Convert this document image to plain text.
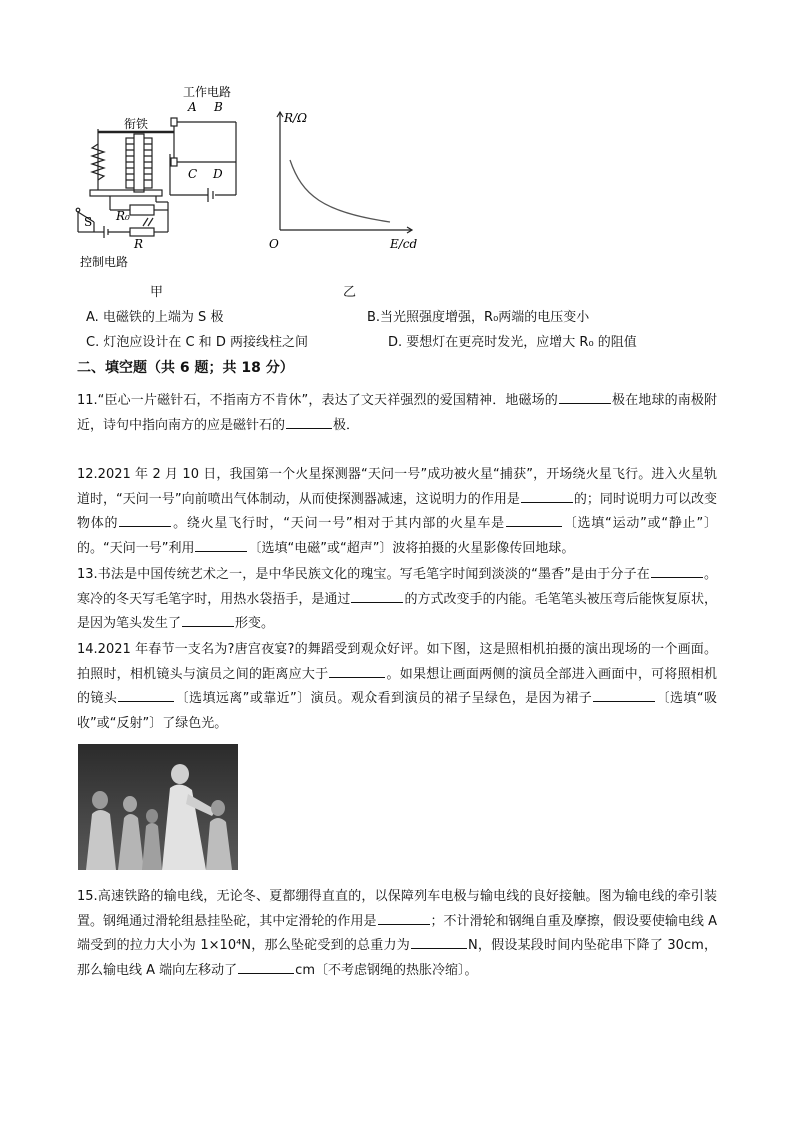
工作电路
A B
C D
衔铁
S R₀
R
控制电路
甲
R/Ω
E/cd
O
乙
A. 电磁铁的上端为 S 极	B.当光照强度增强，R₀两端的电压变小
C. 灯泡应设计在 C 和 D 两接线柱之间	D. 要想灯在更亮时发光，应增大 R₀ 的阻值
二、填空题（共 6 题；共 18 分）
11.“臣心一片磁针石，不指南方不肯休”，表达了文天祥强烈的爱国精神．地磁场的	极在地球的南极附近，诗句中指向南方的应是磁针石的	极．
12.2021 年 2 月 10 日，我国第一个火星探测器“天问一号”成功被火星“捕获”，开场绕火星飞行。进入火星轨道时，“天问一号”向前喷出气体制动，从而使探测器减速，这说明力的作用是	的；同时说明力可以改变物体的	。绕火星飞行时，“天问一号”相对于其内部的火星车是	〔选填“运动”或“静止”〕的。“天问一号”利用	〔选填“电磁”或“超声”〕波将拍摄的火星影像传回地球。
13.书法是中国传统艺术之一，是中华民族文化的瑰宝。写毛笔字时闻到淡淡的“墨香”是由于分子在	。寒冷的冬天写毛笔字时，用热水袋捂手，是通过	的方式改变手的内能。毛笔笔头被压弯后能恢复原状，是因为笔头发生了	形变。
14.2021 年春节一支名为?唐宫夜宴?的舞蹈受到观众好评。如下图，这是照相机拍摄的演出现场的一个画面。拍照时，相机镜头与演员之间的距离应大于	。如果想让画面两侧的演员全部进入画面中，可将照相机的镜头	〔选填远离”或靠近”〕演员。观众看到演员的裙子呈绿色，是因为裙子	〔选填“吸收”或“反射”〕了绿色光。
15.高速铁路的输电线，无论冬、夏都绷得直直的，以保障列车电极与输电线的良好接触。图为输电线的牵引装置。钢绳通过滑轮组悬挂坠砣，其中定滑轮的作用是	；不计滑轮和钢绳自重及摩擦，假设要使输电线 A 端受到的拉力大小为 1×10⁴N，那么坠砣受到的总重力为	N，假设某段时间内坠砣串下降了 30cm，那么输电线 A 端向左移动了	cm〔不考虑钢绳的热胀冷缩〕。
